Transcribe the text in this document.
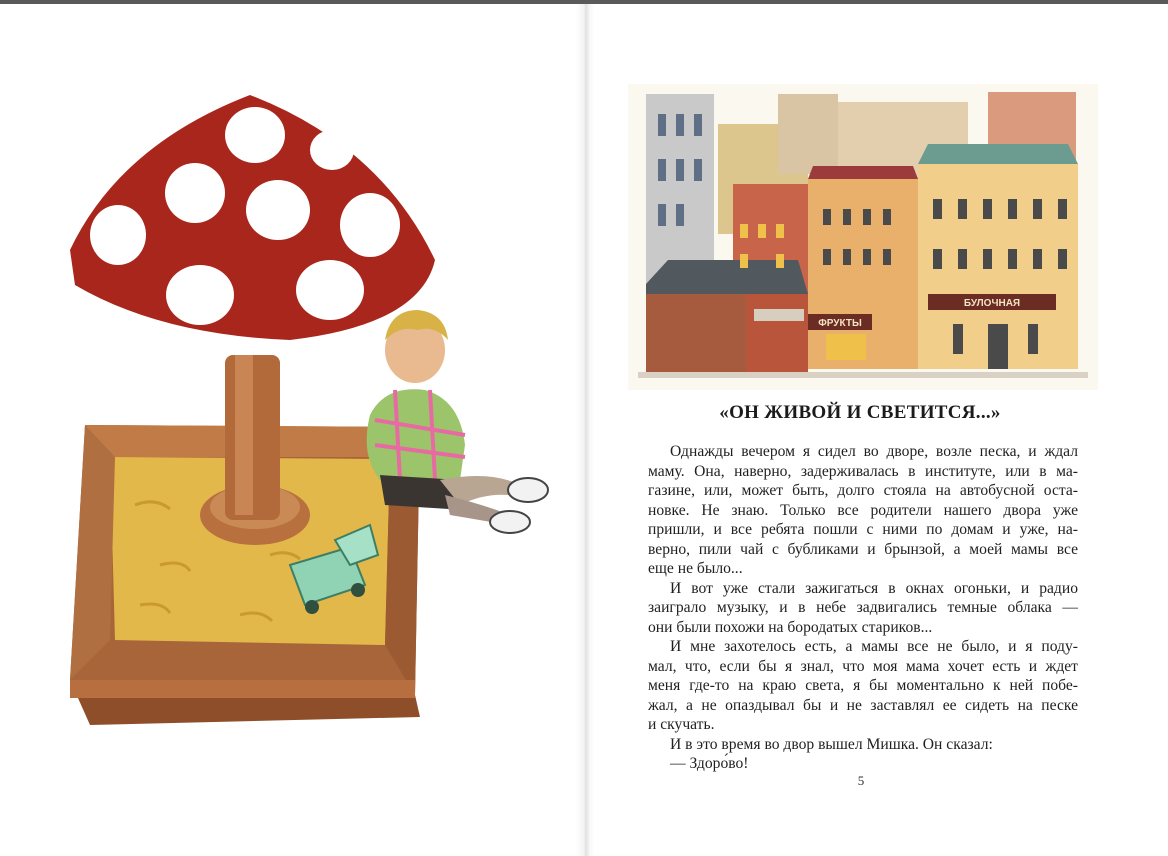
ФРУКТЫ
БУЛОЧНАЯ
«ОН ЖИВОЙ И СВЕТИТСЯ...»
Однажды вечером я сидел во дворе, возле песка, и ждал
маму. Она, наверно, задерживалась в институте, или в ма-
газине, или, может быть, долго стояла на автобусной оста-
новке. Не знаю. Только все родители нашего двора уже
пришли, и все ребята пошли с ними по домам и уже, на-
верно, пили чай с бубликами и брынзой, а моей мамы все
еще не было...
И вот уже стали зажигаться в окнах огоньки, и радио
заиграло музыку, и в небе задвигались темные облака —
они были похожи на бородатых стариков...
И мне захотелось есть, а мамы все не было, и я поду-
мал, что, если бы я знал, что моя мама хочет есть и ждет
меня где-то на краю света, я бы моментально к ней побе-
жал, а не опаздывал бы и не заставлял ее сидеть на песке
и скучать.
И в это время во двор вышел Мишка. Он сказал:
— Здоро́во!
5
